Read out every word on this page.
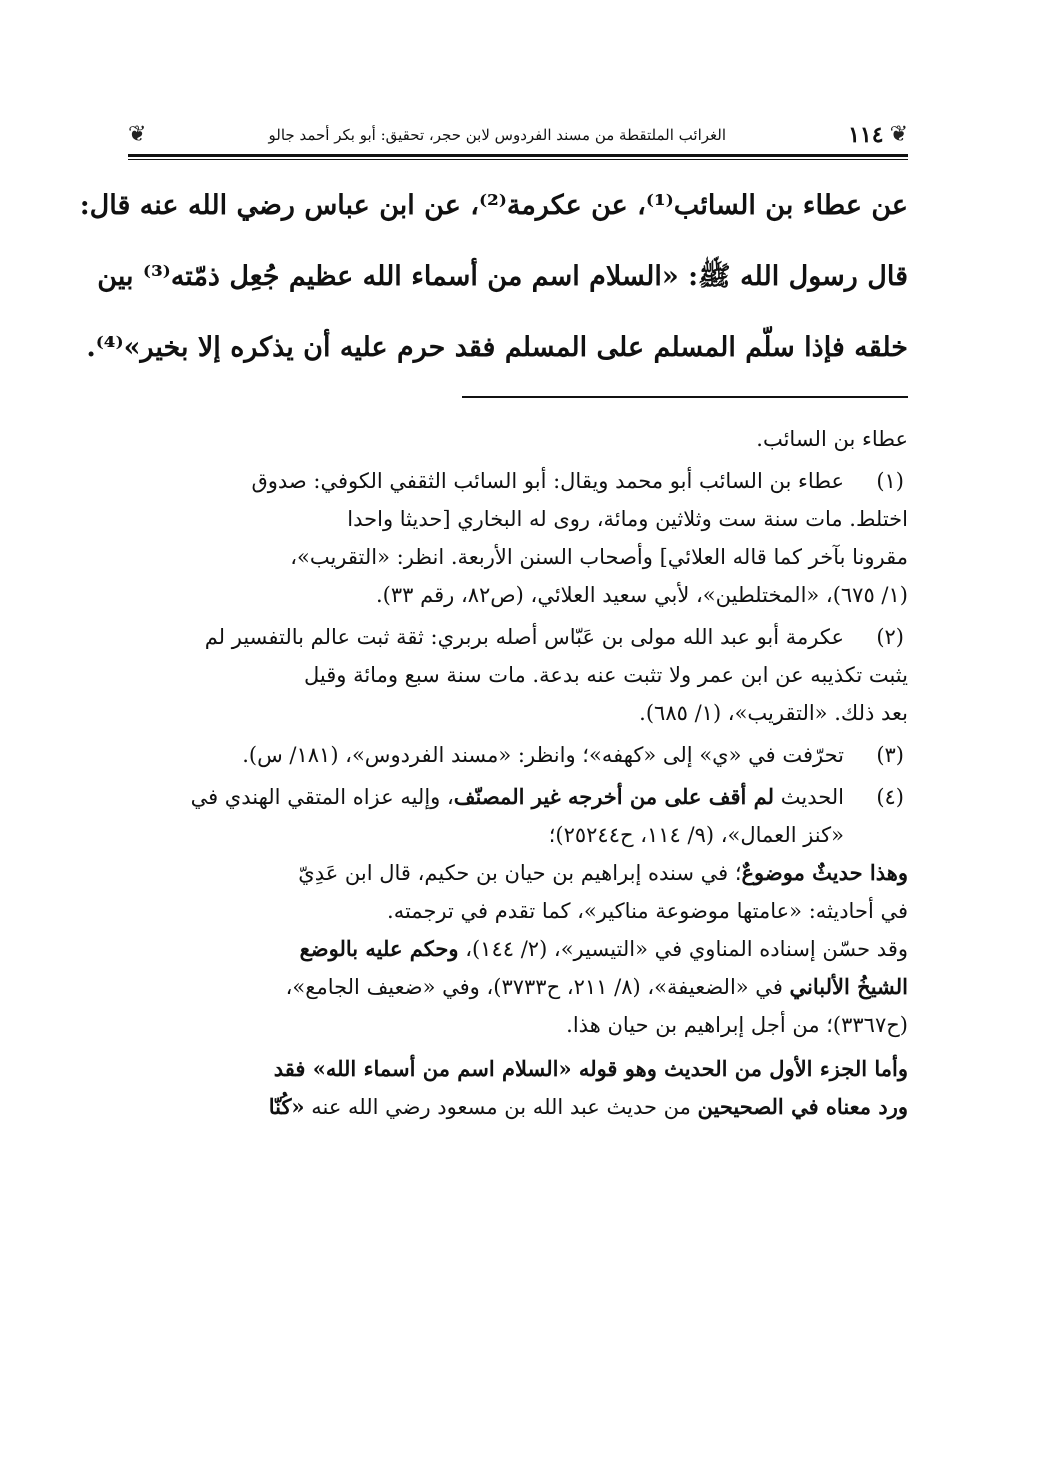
❦
١١٤
الغرائب الملتقطة من مسند الفردوس لابن حجر، تحقيق: أبو بكر أحمد جالو
❦

عن عطاء بن السائب⁽¹⁾، عن عكرمة⁽²⁾، عن ابن عباس رضي الله عنه قال:

قال رسول الله ﷺ: «السلام اسم من أسماء الله عظيم جُعِل ذمّته⁽³⁾ بين

خلقه فإذا سلّم المسلم على المسلم فقد حرم عليه أن يذكره إلا بخير»⁽⁴⁾.

عطاء بن السائب.

(١)

عطاء بن السائب أبو محمد ويقال: أبو السائب الثقفي الكوفي: صدوق

اختلط. مات سنة ست وثلاثين ومائة، روى له البخاري [حديثا واحدا

مقرونا بآخر كما قاله العلائي] وأصحاب السنن الأربعة. انظر: «التقريب»،

(١/ ٦٧٥)، «المختلطين»، لأبي سعيد العلائي، (ص٨٢، رقم ٣٣).

(٢)

عكرمة أبو عبد الله مولى بن عَبّاس أصله بربري: ثقة ثبت عالم بالتفسير لم

يثبت تكذيبه عن ابن عمر ولا تثبت عنه بدعة. مات سنة سبع ومائة وقيل

بعد ذلك. «التقريب»، (١/ ٦٨٥).

(٣)

تحرّفت في «ي» إلى «كهفه»؛ وانظر: «مسند الفردوس»، (١٨١/ س).

(٤)

الحديث لم أقف على من أخرجه غير المصنّف، وإليه عزاه المتقي الهندي في

«كنز العمال»، (٩/ ١١٤، ح٢٥٢٤٤)؛

وهذا حديثٌ موضوعٌ؛ في سنده إبراهيم بن حيان بن حكيم، قال ابن عَدِيّ

في أحاديثه: «عامتها موضوعة مناكير»، كما تقدم في ترجمته.

وقد حسّن إسناده المناوي في «التيسير»، (٢/ ١٤٤)، وحكم عليه بالوضع

الشيخُ الألباني في «الضعيفة»، (٨/ ٢١١، ح٣٧٣٣)، وفي «ضعيف الجامع»،

(ح٣٣٦٧)؛ من أجل إبراهيم بن حيان هذا.

وأما الجزء الأول من الحديث وهو قوله «السلام اسم من أسماء الله» فقد

ورد معناه في الصحيحين من حديث عبد الله بن مسعود رضي الله عنه «كُنّا
